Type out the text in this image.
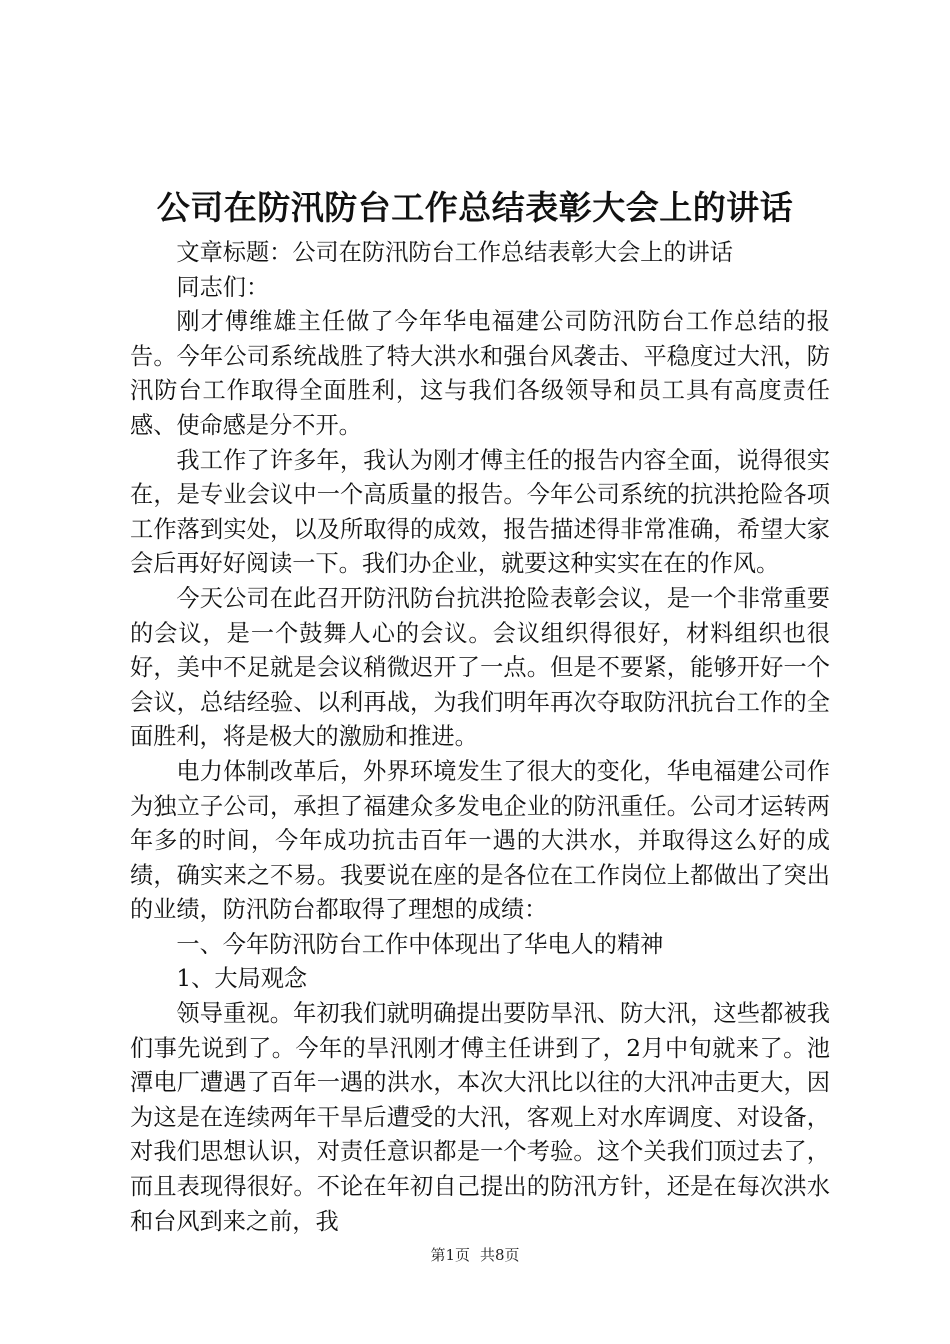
公司在防汛防台工作总结表彰大会上的讲话

文章标题：公司在防汛防台工作总结表彰大会上的讲话

同志们：

刚才傅维雄主任做了今年华电福建公司防汛防台工作总结的报告。今年公司系统战胜了特大洪水和强台风袭击、平稳度过大汛，防汛防台工作取得全面胜利，这与我们各级领导和员工具有高度责任感、使命感是分不开。

我工作了许多年，我认为刚才傅主任的报告内容全面，说得很实在，是专业会议中一个高质量的报告。今年公司系统的抗洪抢险各项工作落到实处，以及所取得的成效，报告描述得非常准确，希望大家会后再好好阅读一下。我们办企业，就要这种实实在在的作风。

今天公司在此召开防汛防台抗洪抢险表彰会议，是一个非常重要的会议，是一个鼓舞人心的会议。会议组织得很好，材料组织也很好，美中不足就是会议稍微迟开了一点。但是不要紧，能够开好一个会议，总结经验、以利再战，为我们明年再次夺取防汛抗台工作的全面胜利，将是极大的激励和推进。

电力体制改革后，外界环境发生了很大的变化，华电福建公司作为独立子公司，承担了福建众多发电企业的防汛重任。公司才运转两年多的时间，今年成功抗击百年一遇的大洪水，并取得这么好的成绩，确实来之不易。我要说在座的是各位在工作岗位上都做出了突出的业绩，防汛防台都取得了理想的成绩：

一、今年防汛防台工作中体现出了华电人的精神

1、大局观念

领导重视。年初我们就明确提出要防旱汛、防大汛，这些都被我们事先说到了。今年的旱汛刚才傅主任讲到了，2月中旬就来了。池潭电厂遭遇了百年一遇的洪水，本次大汛比以往的大汛冲击更大，因为这是在连续两年干旱后遭受的大汛，客观上对水库调度、对设备，对我们思想认识，对责任意识都是一个考验。这个关我们顶过去了，而且表现得很好。不论在年初自己提出的防汛方针，还是在每次洪水和台风到来之前，我

第1页 共8页
